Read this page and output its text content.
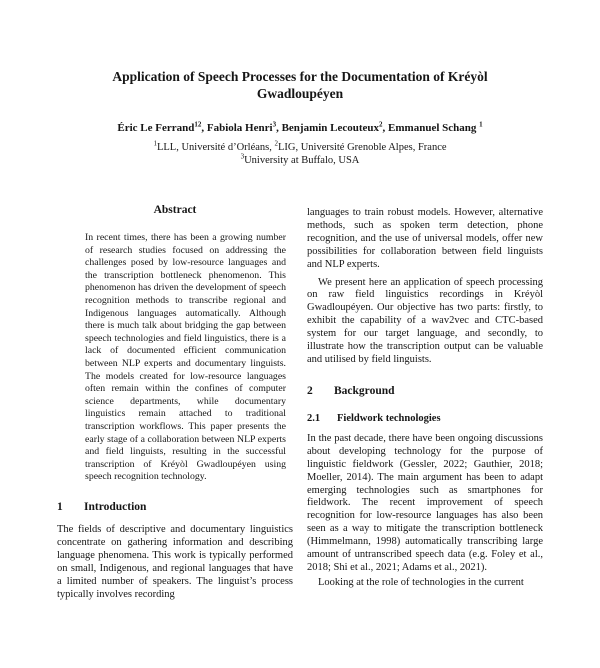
Application of Speech Processes for the Documentation of Kréyòl
Gwadloupéyen
Éric Le Ferrand$^{12}$, Fabiola Henri$^3$, Benjamin Lecouteux$^2$, Emmanuel Schang $^1$
$^1$LLL, Université d’Orléans, $^2$LIG, Université Grenoble Alpes, France
$^3$University at Buffalo, USA
Abstract
In recent times, there has been a growing number of research studies focused on addressing the challenges posed by low-resource languages and the transcription bottleneck phenomenon. This phenomenon has driven the development of speech recognition methods to transcribe regional and Indigenous languages automatically. Although there is much talk about bridging the gap between speech technologies and field linguistics, there is a lack of documented efficient communication between NLP experts and documentary linguists. The models created for low-resource languages often remain within the confines of computer science departments, while documentary linguistics remain attached to traditional transcription workflows. This paper presents the early stage of a collaboration between NLP experts and field linguists, resulting in the successful transcription of Kréyòl Gwadloupéyen using speech recognition technology.
1 Introduction
The fields of descriptive and documentary linguistics concentrate on gathering information and describing language phenomena. This work is typically performed on small, Indigenous, and regional languages that have a limited number of speakers. The linguist’s process typically involves recording
languages to train robust models. However, alternative methods, such as spoken term detection, phone recognition, and the use of universal models, offer new possibilities for collaboration between field linguists and NLP experts.
We present here an application of speech processing on raw field linguistics recordings in Kréyòl Gwadloupéyen. Our objective has two parts: firstly, to exhibit the capability of a wav2vec and CTC-based system for our target language, and secondly, to illustrate how the transcription output can be valuable and utilised by field linguists.
2 Background
2.1 Fieldwork technologies
In the past decade, there have been ongoing discussions about developing technology for the purpose of linguistic fieldwork (Gessler, 2022; Gauthier, 2018; Moeller, 2014). The main argument has been to adapt emerging technologies such as smartphones for fieldwork. The recent improvement of speech recognition for low-resource languages has also been seen as a way to mitigate the transcription bottleneck (Himmelmann, 1998) automatically transcribing large amount of untranscribed speech data (e.g. Foley et al., 2018; Shi et al., 2021; Adams et al., 2021).
Looking at the role of technologies in the current
